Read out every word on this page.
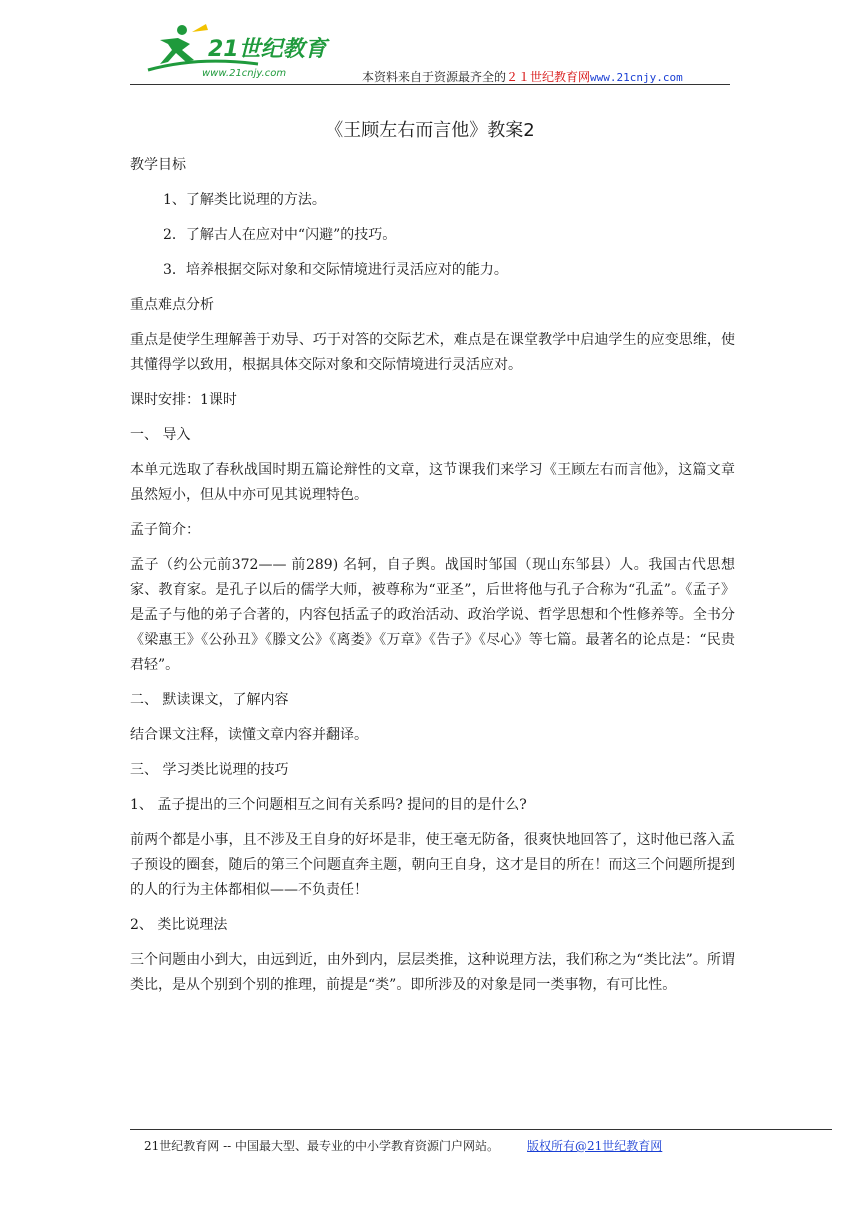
21世纪教育
www.21cnjy.com	本资料来自于资源最齐全的２１世纪教育网www.21cnjy.com
《王顾左右而言他》教案2

教学目标

1、了解类比说理的方法。

2．了解古人在应对中“闪避”的技巧。

3．培养根据交际对象和交际情境进行灵活应对的能力。

重点难点分析

重点是使学生理解善于劝导、巧于对答的交际艺术，难点是在课堂教学中启迪学生的应变思维，使其懂得学以致用，根据具体交际对象和交际情境进行灵活应对。

课时安排：1课时

一、 导入

本单元选取了春秋战国时期五篇论辩性的文章，这节课我们来学习《王顾左右而言他》，这篇文章虽然短小，但从中亦可见其说理特色。

孟子简介：

孟子（约公元前372—— 前289) 名轲，自子舆。战国时邹国（现山东邹县）人。我国古代思想家、教育家。是孔子以后的儒学大师，被尊称为“亚圣”，后世将他与孔子合称为“孔孟”。《孟子》是孟子与他的弟子合著的，内容包括孟子的政治活动、政治学说、哲学思想和个性修养等。全书分《梁惠王》《公孙丑》《滕文公》《离娄》《万章》《告子》《尽心》等七篇。最著名的论点是：“民贵君轻”。

二、 默读课文，了解内容

结合课文注释，读懂文章内容并翻译。

三、 学习类比说理的技巧

1、 孟子提出的三个问题相互之间有关系吗? 提问的目的是什么?

前两个都是小事，且不涉及王自身的好坏是非，使王毫无防备，很爽快地回答了，这时他已落入孟子预设的圈套，随后的第三个问题直奔主题，朝向王自身，这才是目的所在！而这三个问题所提到的人的行为主体都相似——不负责任！

2、 类比说理法

三个问题由小到大，由远到近，由外到内，层层类推，这种说理方法，我们称之为“类比法”。所谓类比，是从个别到个别的推理，前提是“类”。即所涉及的对象是同一类事物，有可比性。

21世纪教育网 -- 中国最大型、最专业的中小学教育资源门户网站。 版权所有@21世纪教育网
